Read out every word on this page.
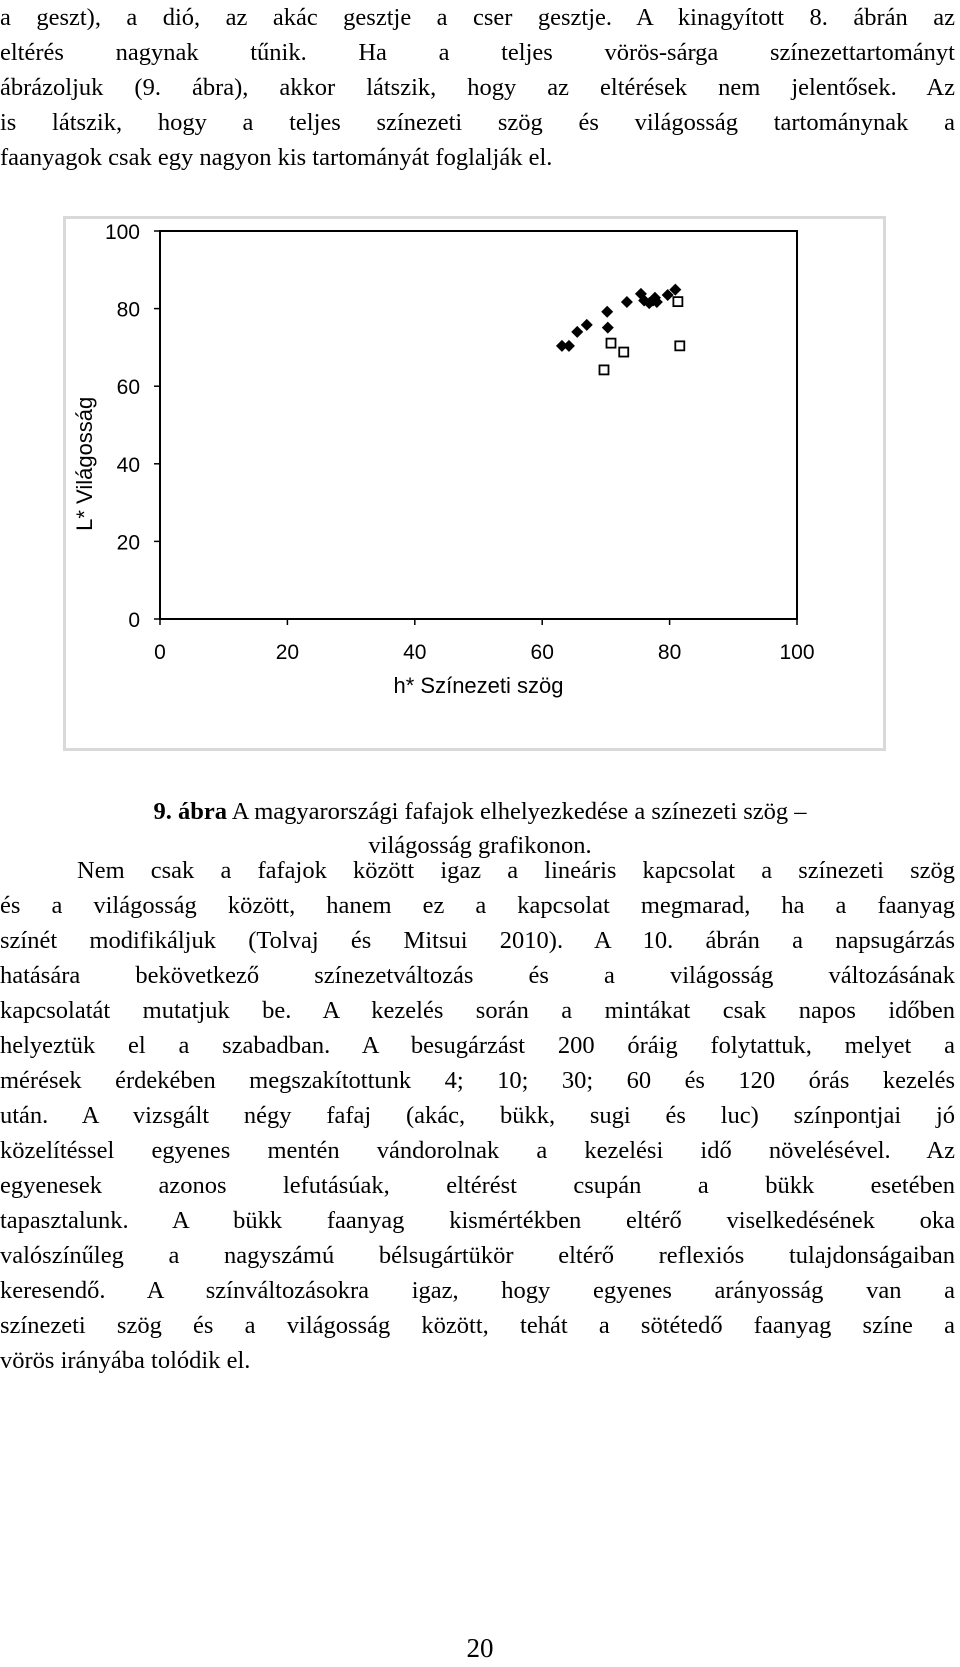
a geszt), a dió, az akác gesztje a cser gesztje. A kinagyított 8. ábrán az
eltérés nagynak tűnik. Ha a teljes vörös-sárga színezettartományt
ábrázoljuk (9. ábra), akkor látszik, hogy az eltérések nem jelentősek. Az
is látszik, hogy a teljes színezeti szög és világosság tartománynak a
faanyagok csak egy nagyon kis tartományát foglalják el.
0
20
40
60
80
100
0	20	40	60	80	100
h* Színezeti szög
L* Világosság
9. ábra A magyarországi fafajok elhelyezkedése a színezeti szög –
világosság grafikonon.
Nem csak a fafajok között igaz a lineáris kapcsolat a színezeti szög
és a világosság között, hanem ez a kapcsolat megmarad, ha a faanyag
színét modifikáljuk (Tolvaj és Mitsui 2010). A 10. ábrán a napsugárzás
hatására bekövetkező színezetváltozás és a világosság változásának
kapcsolatát mutatjuk be. A kezelés során a mintákat csak napos időben
helyeztük el a szabadban. A besugárzást 200 óráig folytattuk, melyet a
mérések érdekében megszakítottunk 4; 10; 30; 60 és 120 órás kezelés
után. A vizsgált négy fafaj (akác, bükk, sugi és luc) színpontjai jó
közelítéssel egyenes mentén vándorolnak a kezelési idő növelésével. Az
egyenesek azonos lefutásúak, eltérést csupán a bükk esetében
tapasztalunk. A bükk faanyag kismértékben eltérő viselkedésének oka
valószínűleg a nagyszámú bélsugártükör eltérő reflexiós tulajdonságaiban
keresendő. A színváltozásokra igaz, hogy egyenes arányosság van a
színezeti szög és a világosság között, tehát a sötétedő faanyag színe a
vörös irányába tolódik el.
20
